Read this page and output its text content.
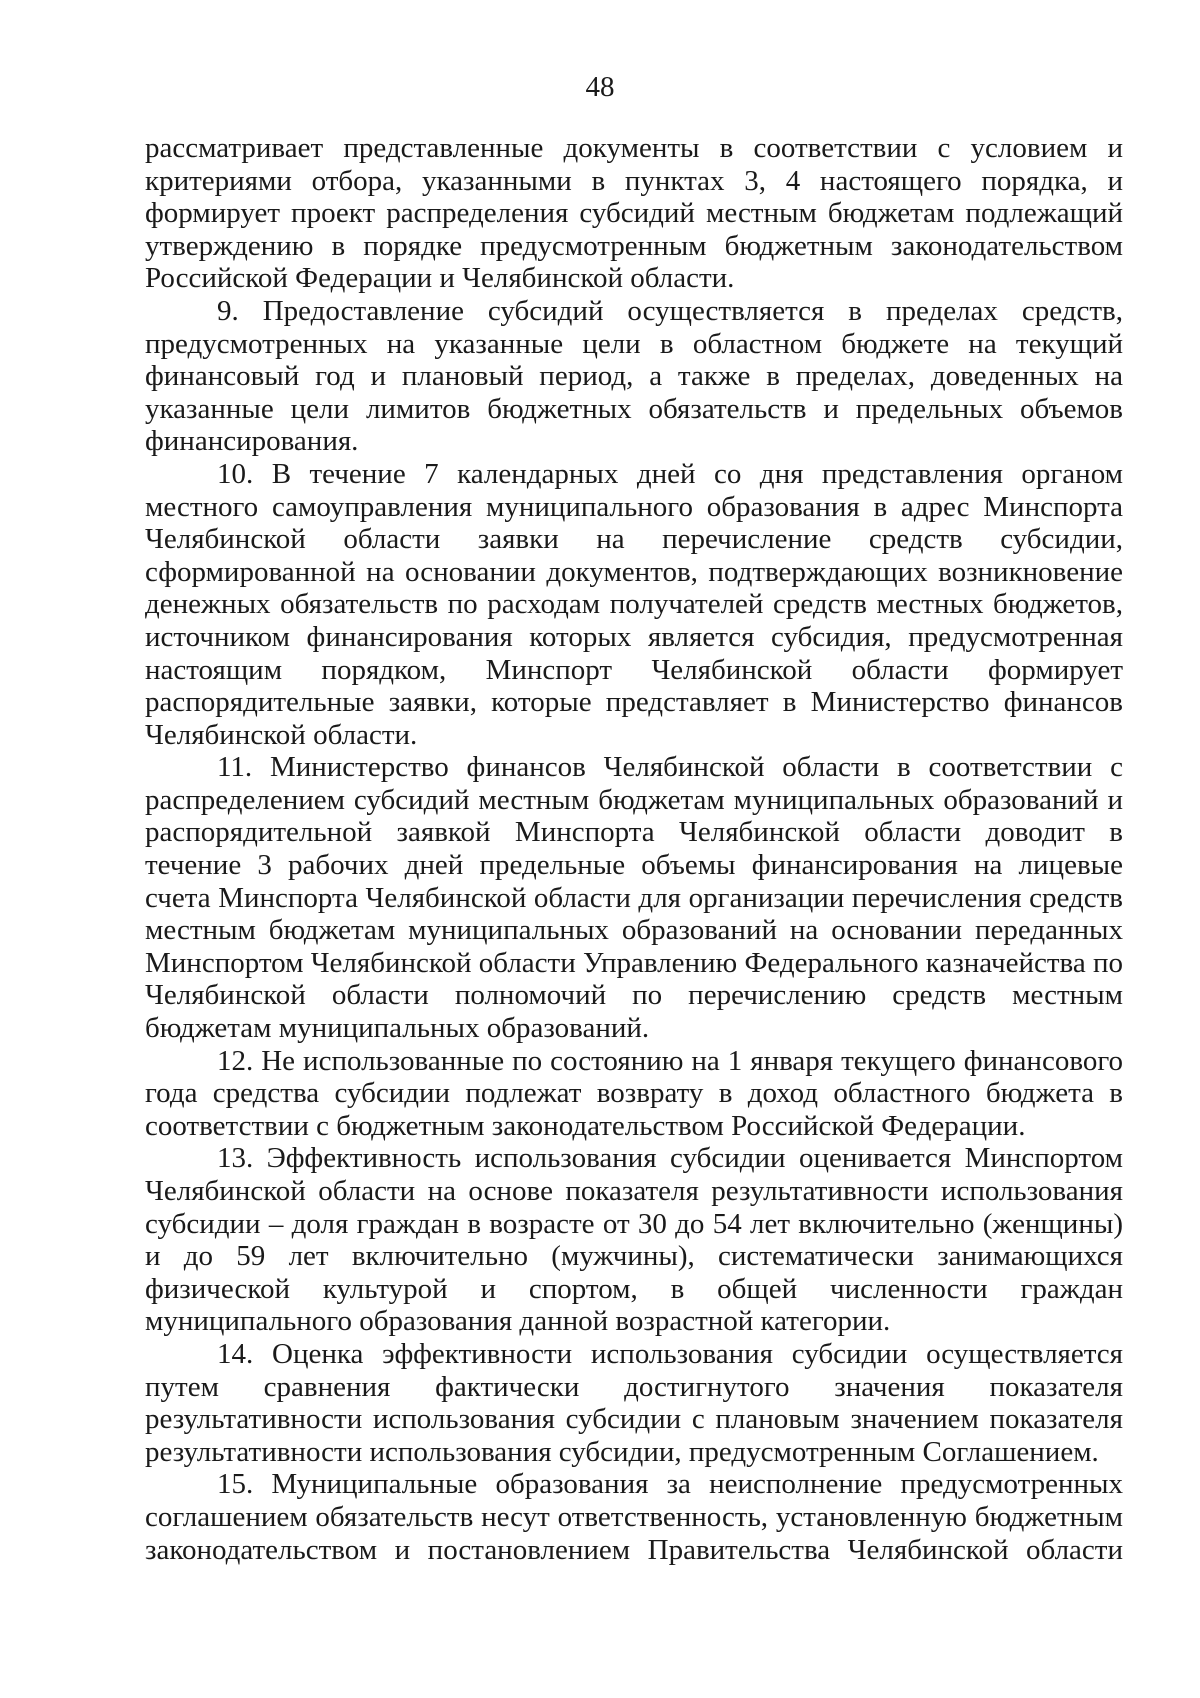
48

рассматривает представленные документы в соответствии с условием и критериями отбора, указанными в пунктах 3, 4 настоящего порядка, и формирует проект распределения субсидий местным бюджетам подлежащий утверждению в порядке предусмотренным бюджетным законодательством Российской Федерации и Челябинской области.

9. Предоставление субсидий осуществляется в пределах средств, предусмотренных на указанные цели в областном бюджете на текущий финансовый год и плановый период, а также в пределах, доведенных на указанные цели лимитов бюджетных обязательств и предельных объемов финансирования.

10. В течение 7 календарных дней со дня представления органом местного самоуправления муниципального образования в адрес Минспорта Челябинской области заявки на перечисление средств субсидии, сформированной на основании документов, подтверждающих возникновение денежных обязательств по расходам получателей средств местных бюджетов, источником финансирования которых является субсидия, предусмотренная настоящим порядком, Минспорт Челябинской области формирует распорядительные заявки, которые представляет в Министерство финансов Челябинской области.

11. Министерство финансов Челябинской области в соответствии с распределением субсидий местным бюджетам муниципальных образований и распорядительной заявкой Минспорта Челябинской области доводит в течение 3 рабочих дней предельные объемы финансирования на лицевые счета Минспорта Челябинской области для организации перечисления средств местным бюджетам муниципальных образований на основании переданных Минспортом Челябинской области Управлению Федерального казначейства по Челябинской области полномочий по перечислению средств местным бюджетам муниципальных образований.

12. Не использованные по состоянию на 1 января текущего финансового года средства субсидии подлежат возврату в доход областного бюджета в соответствии с бюджетным законодательством Российской Федерации.

13. Эффективность использования субсидии оценивается Минспортом Челябинской области на основе показателя результативности использования субсидии – доля граждан в возрасте от 30 до 54 лет включительно (женщины) и до 59 лет включительно (мужчины), систематически занимающихся физической культурой и спортом, в общей численности граждан муниципального образования данной возрастной категории.

14. Оценка эффективности использования субсидии осуществляется путем сравнения фактически достигнутого значения показателя результативности использования субсидии с плановым значением показателя результативности использования субсидии, предусмотренным Соглашением.

15. Муниципальные образования за неисполнение предусмотренных соглашением обязательств несут ответственность, установленную бюджетным законодательством и постановлением Правительства Челябинской области
